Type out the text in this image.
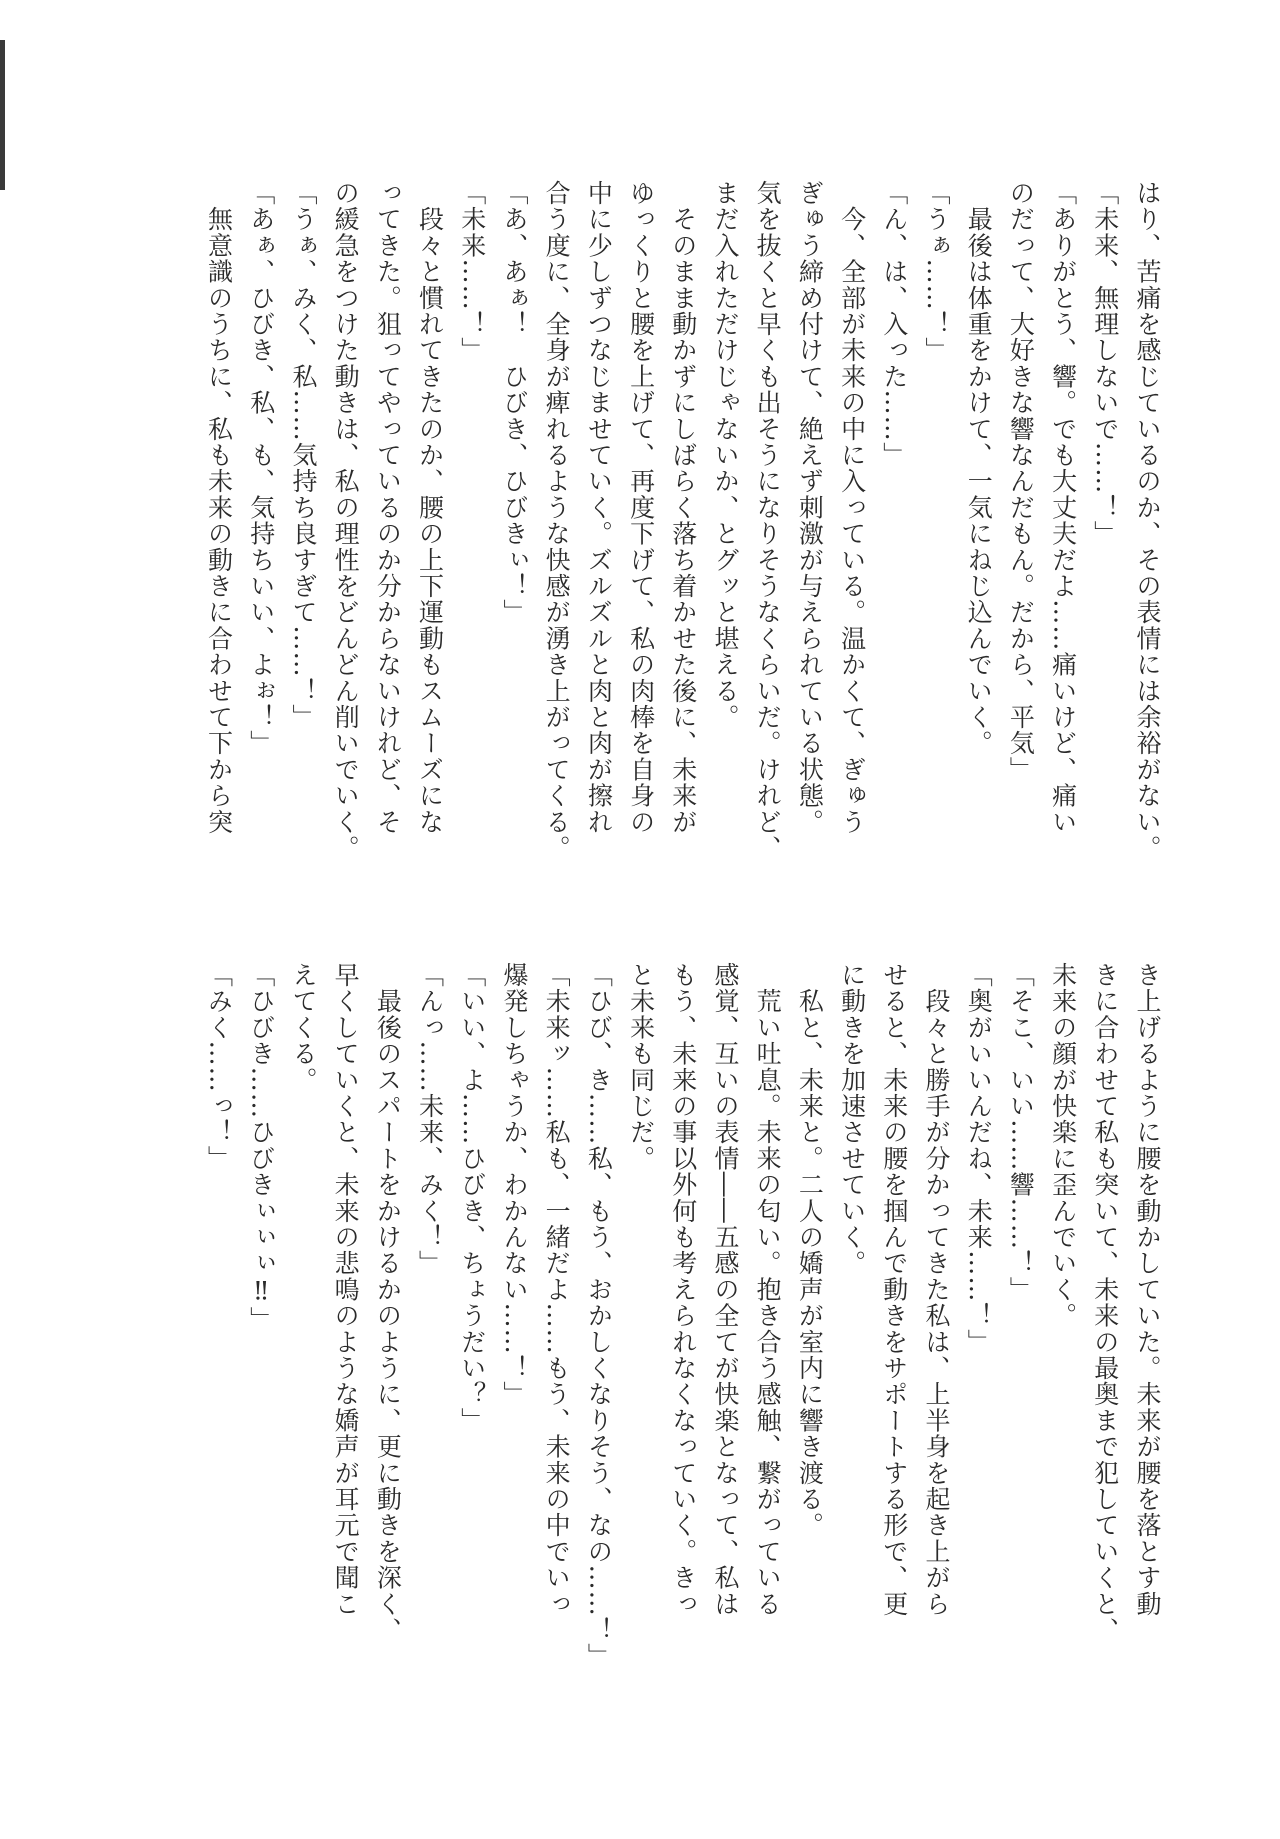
はり、苦痛を感じているのか、その表情には余裕がない。
「未来、無理しないで……！」
「ありがとう、響。でも大丈夫だよ……痛いけど、痛い
のだって、大好きな響なんだもん。だから、平気」
　最後は体重をかけて、一気にねじ込んでいく。
「うぁ……！」
「ん、は、入った……」
　今、全部が未来の中に入っている。温かくて、ぎゅう
ぎゅう締め付けて、絶えず刺激が与えられている状態。
気を抜くと早くも出そうになりそうなくらいだ。けれど、
まだ入れただけじゃないか、とグッと堪える。
　そのまま動かずにしばらく落ち着かせた後に、未来が
ゆっくりと腰を上げて、再度下げて、私の肉棒を自身の
中に少しずつなじませていく。ズルズルと肉と肉が擦れ
合う度に、全身が痺れるような快感が湧き上がってくる。
「あ、あぁ！　ひびき、ひびきぃ！」
「未来……！」
　段々と慣れてきたのか、腰の上下運動もスムーズにな
ってきた。狙ってやっているのか分からないけれど、そ
の緩急をつけた動きは、私の理性をどんどん削いでいく。
「うぁ、みく、私……気持ち良すぎて……！」
「あぁ、ひびき、私、も、気持ちいい、よぉ！」
　無意識のうちに、私も未来の動きに合わせて下から突
き上げるように腰を動かしていた。未来が腰を落とす動
きに合わせて私も突いて、未来の最奥まで犯していくと、
未来の顔が快楽に歪んでいく。
「そこ、いい……響……！」
「奥がいいんだね、未来……！」
　段々と勝手が分かってきた私は、上半身を起き上がら
せると、未来の腰を掴んで動きをサポートする形で、更
に動きを加速させていく。
　私と、未来と。二人の嬌声が室内に響き渡る。
　荒い吐息。未来の匂い。抱き合う感触、繋がっている
感覚、互いの表情――五感の全てが快楽となって、私は
もう、未来の事以外何も考えられなくなっていく。きっ
と未来も同じだ。
「ひび、き……私、もう、おかしくなりそう、なの……！」
「未来ッ……私も、一緒だよ……もう、未来の中でいっ
爆発しちゃうか、わかんない……！」
「いい、よ……ひびき、ちょうだい？」
「んっ……未来、みく！」
　最後のスパートをかけるかのように、更に動きを深く、
早くしていくと、未来の悲鳴のような嬌声が耳元で聞こ
えてくる。
「ひびき……ひびきぃぃぃ‼」
「みく……っ！」
